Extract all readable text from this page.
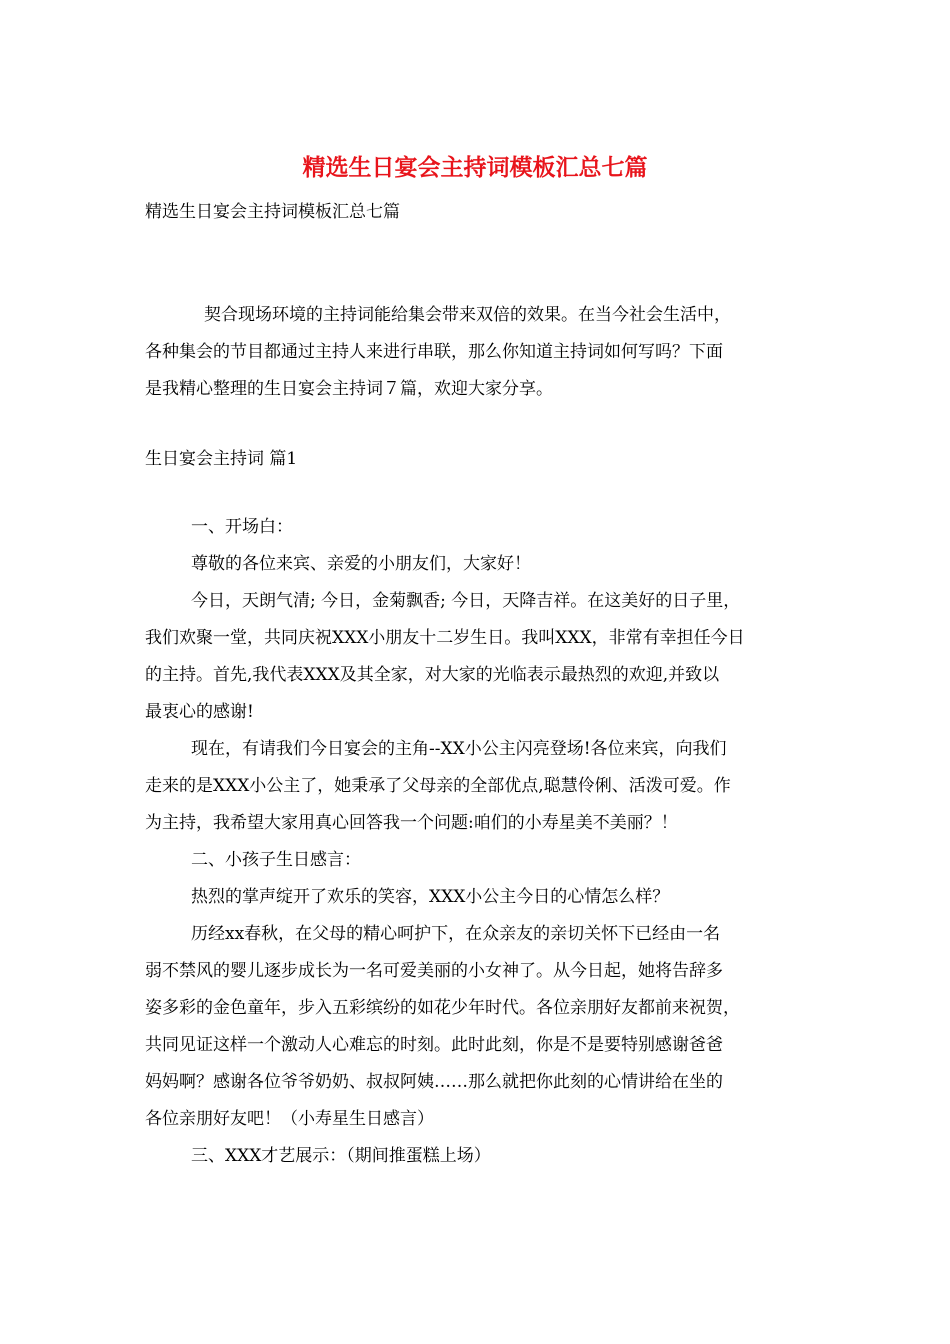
精选生日宴会主持词模板汇总七篇
精选生日宴会主持词模板汇总七篇
契合现场环境的主持词能给集会带来双倍的效果。在当今社会生活中，
各种集会的节目都通过主持人来进行串联，那么你知道主持词如何写吗？下面
是我精心整理的生日宴会主持词７篇，欢迎大家分享。
生日宴会主持词 篇1
一、开场白：
尊敬的各位来宾、亲爱的小朋友们，大家好！
今日，天朗气清; 今日，金菊飘香; 今日，天降吉祥。在这美好的日子里，
我们欢聚一堂，共同庆祝XXX小朋友十二岁生日。我叫XXX，非常有幸担任今日
的主持。首先,我代表XXX及其全家，对大家的光临表示最热烈的欢迎,并致以
最衷心的感谢!
现在，有请我们今日宴会的主角--XX小公主闪亮登场!各位来宾，向我们
走来的是XXX小公主了，她秉承了父母亲的全部优点,聪慧伶俐、活泼可爱。作
为主持，我希望大家用真心回答我一个问题:咱们的小寿星美不美丽？！
二、小孩子生日感言：
热烈的掌声绽开了欢乐的笑容，XXX小公主今日的心情怎么样？
历经xx春秋，在父母的精心呵护下，在众亲友的亲切关怀下已经由一名
弱不禁风的婴儿逐步成长为一名可爱美丽的小女神了。从今日起，她将告辞多
姿多彩的金色童年，步入五彩缤纷的如花少年时代。各位亲朋好友都前来祝贺，
共同见证这样一个激动人心难忘的时刻。此时此刻，你是不是要特别感谢爸爸
妈妈啊？感谢各位爷爷奶奶、叔叔阿姨……那么就把你此刻的心情讲给在坐的
各位亲朋好友吧！（小寿星生日感言）
三、XXX才艺展示：（期间推蛋糕上场）
